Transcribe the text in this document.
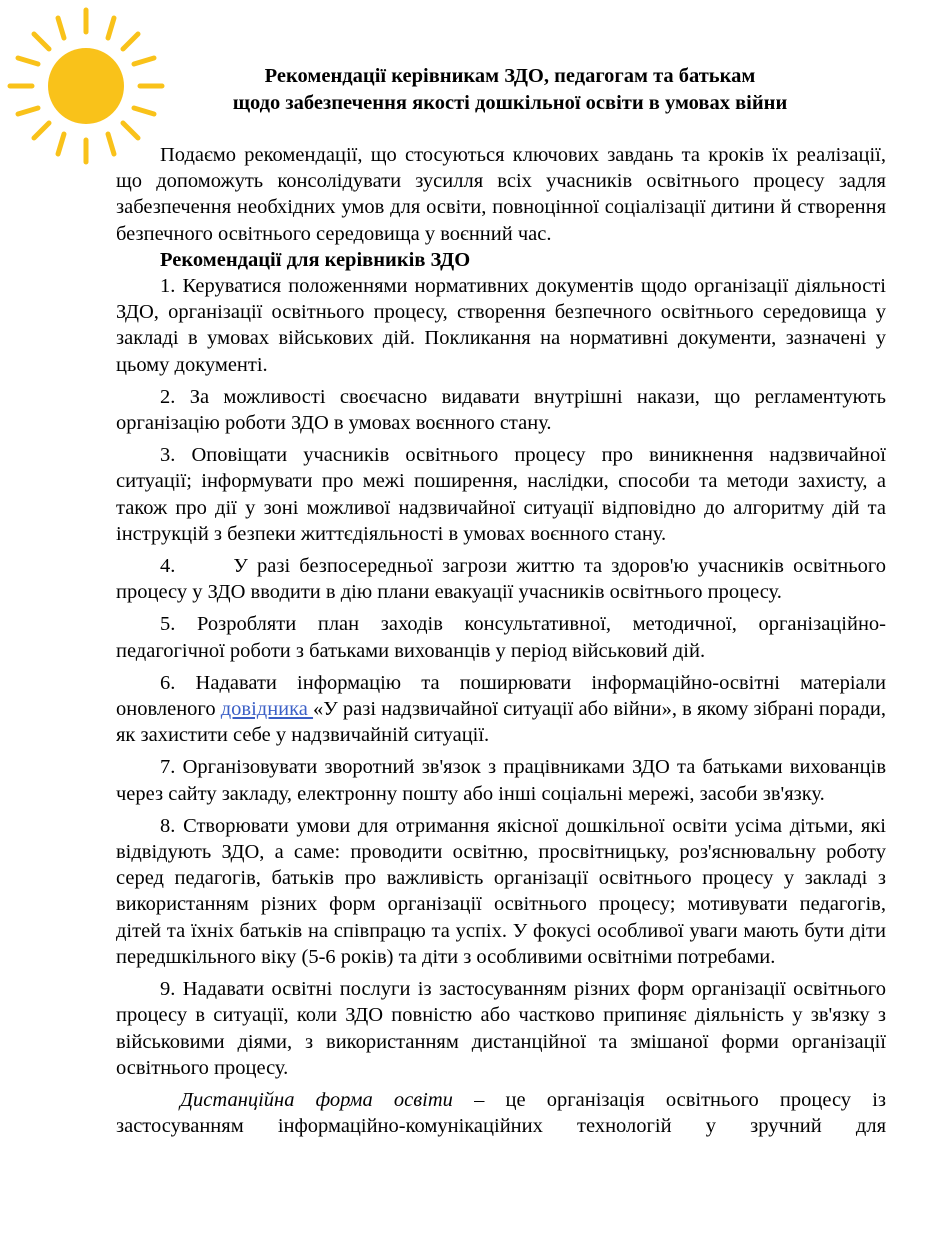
Рекомендації керівникам ЗДО, педагогам та батькам
щодо забезпечення якості дошкільної освіти в умовах війни

Подаємо рекомендації, що стосуються ключових завдань та кроків їх реалізації, що допоможуть консолідувати зусилля всіх учасників освітнього процесу задля забезпечення необхідних умов для освіти, повноцінної соціалізації дитини й створення безпечного освітнього середовища у воєнний час.

Рекомендації для керівників ЗДО

1. Керуватися положеннями нормативних документів щодо організації діяльності ЗДО, організації освітнього процесу, створення безпечного освітнього середовища у закладі в умовах військових дій. Покликання на нормативні документи, зазначені у цьому документі.

2. За можливості своєчасно видавати внутрішні накази, що регламентують організацію роботи ЗДО в умовах воєнного стану.

3. Оповіщати учасників освітнього процесу про виникнення надзвичайної ситуації; інформувати про межі поширення, наслідки, способи та методи захисту, а також про дії у зоні можливої надзвичайної ситуації відповідно до алгоритму дій та інструкцій з безпеки життєдіяльності в умовах воєнного стану.

4.	У разі безпосередньої загрози життю та здоров'ю учасників освітнього процесу у ЗДО вводити в дію плани евакуації учасників освітнього процесу.

5. Розробляти план заходів консультативної, методичної, організаційно-педагогічної роботи з батьками вихованців у період військовий дій.

6. Надавати інформацію та поширювати інформаційно-освітні матеріали оновленого довідника «У разі надзвичайної ситуації або війни», в якому зібрані поради, як захистити себе у надзвичайній ситуації.

7. Організовувати зворотний зв'язок з працівниками ЗДО та батьками вихованців через сайту закладу, електронну пошту або інші соціальні мережі, засоби зв'язку.

8. Створювати умови для отримання якісної дошкільної освіти усіма дітьми, які відвідують ЗДО, а саме: проводити освітню, просвітницьку, роз'яснювальну роботу серед педагогів, батьків про важливість організації освітнього процесу у закладі з використанням різних форм організації освітнього процесу; мотивувати педагогів, дітей та їхніх батьків на співпрацю та успіх. У фокусі особливої уваги мають бути діти передшкільного віку (5-6 років) та діти з особливими освітніми потребами.

9. Надавати освітні послуги із застосуванням різних форм організації освітнього процесу в ситуації, коли ЗДО повністю або частково припиняє діяльність у зв'язку з військовими діями, з використанням дистанційної та змішаної форми організації освітнього процесу.

Дистанційна форма освіти – це організація освітнього процесу із застосуванням інформаційно-комунікаційних технологій у зручний для
